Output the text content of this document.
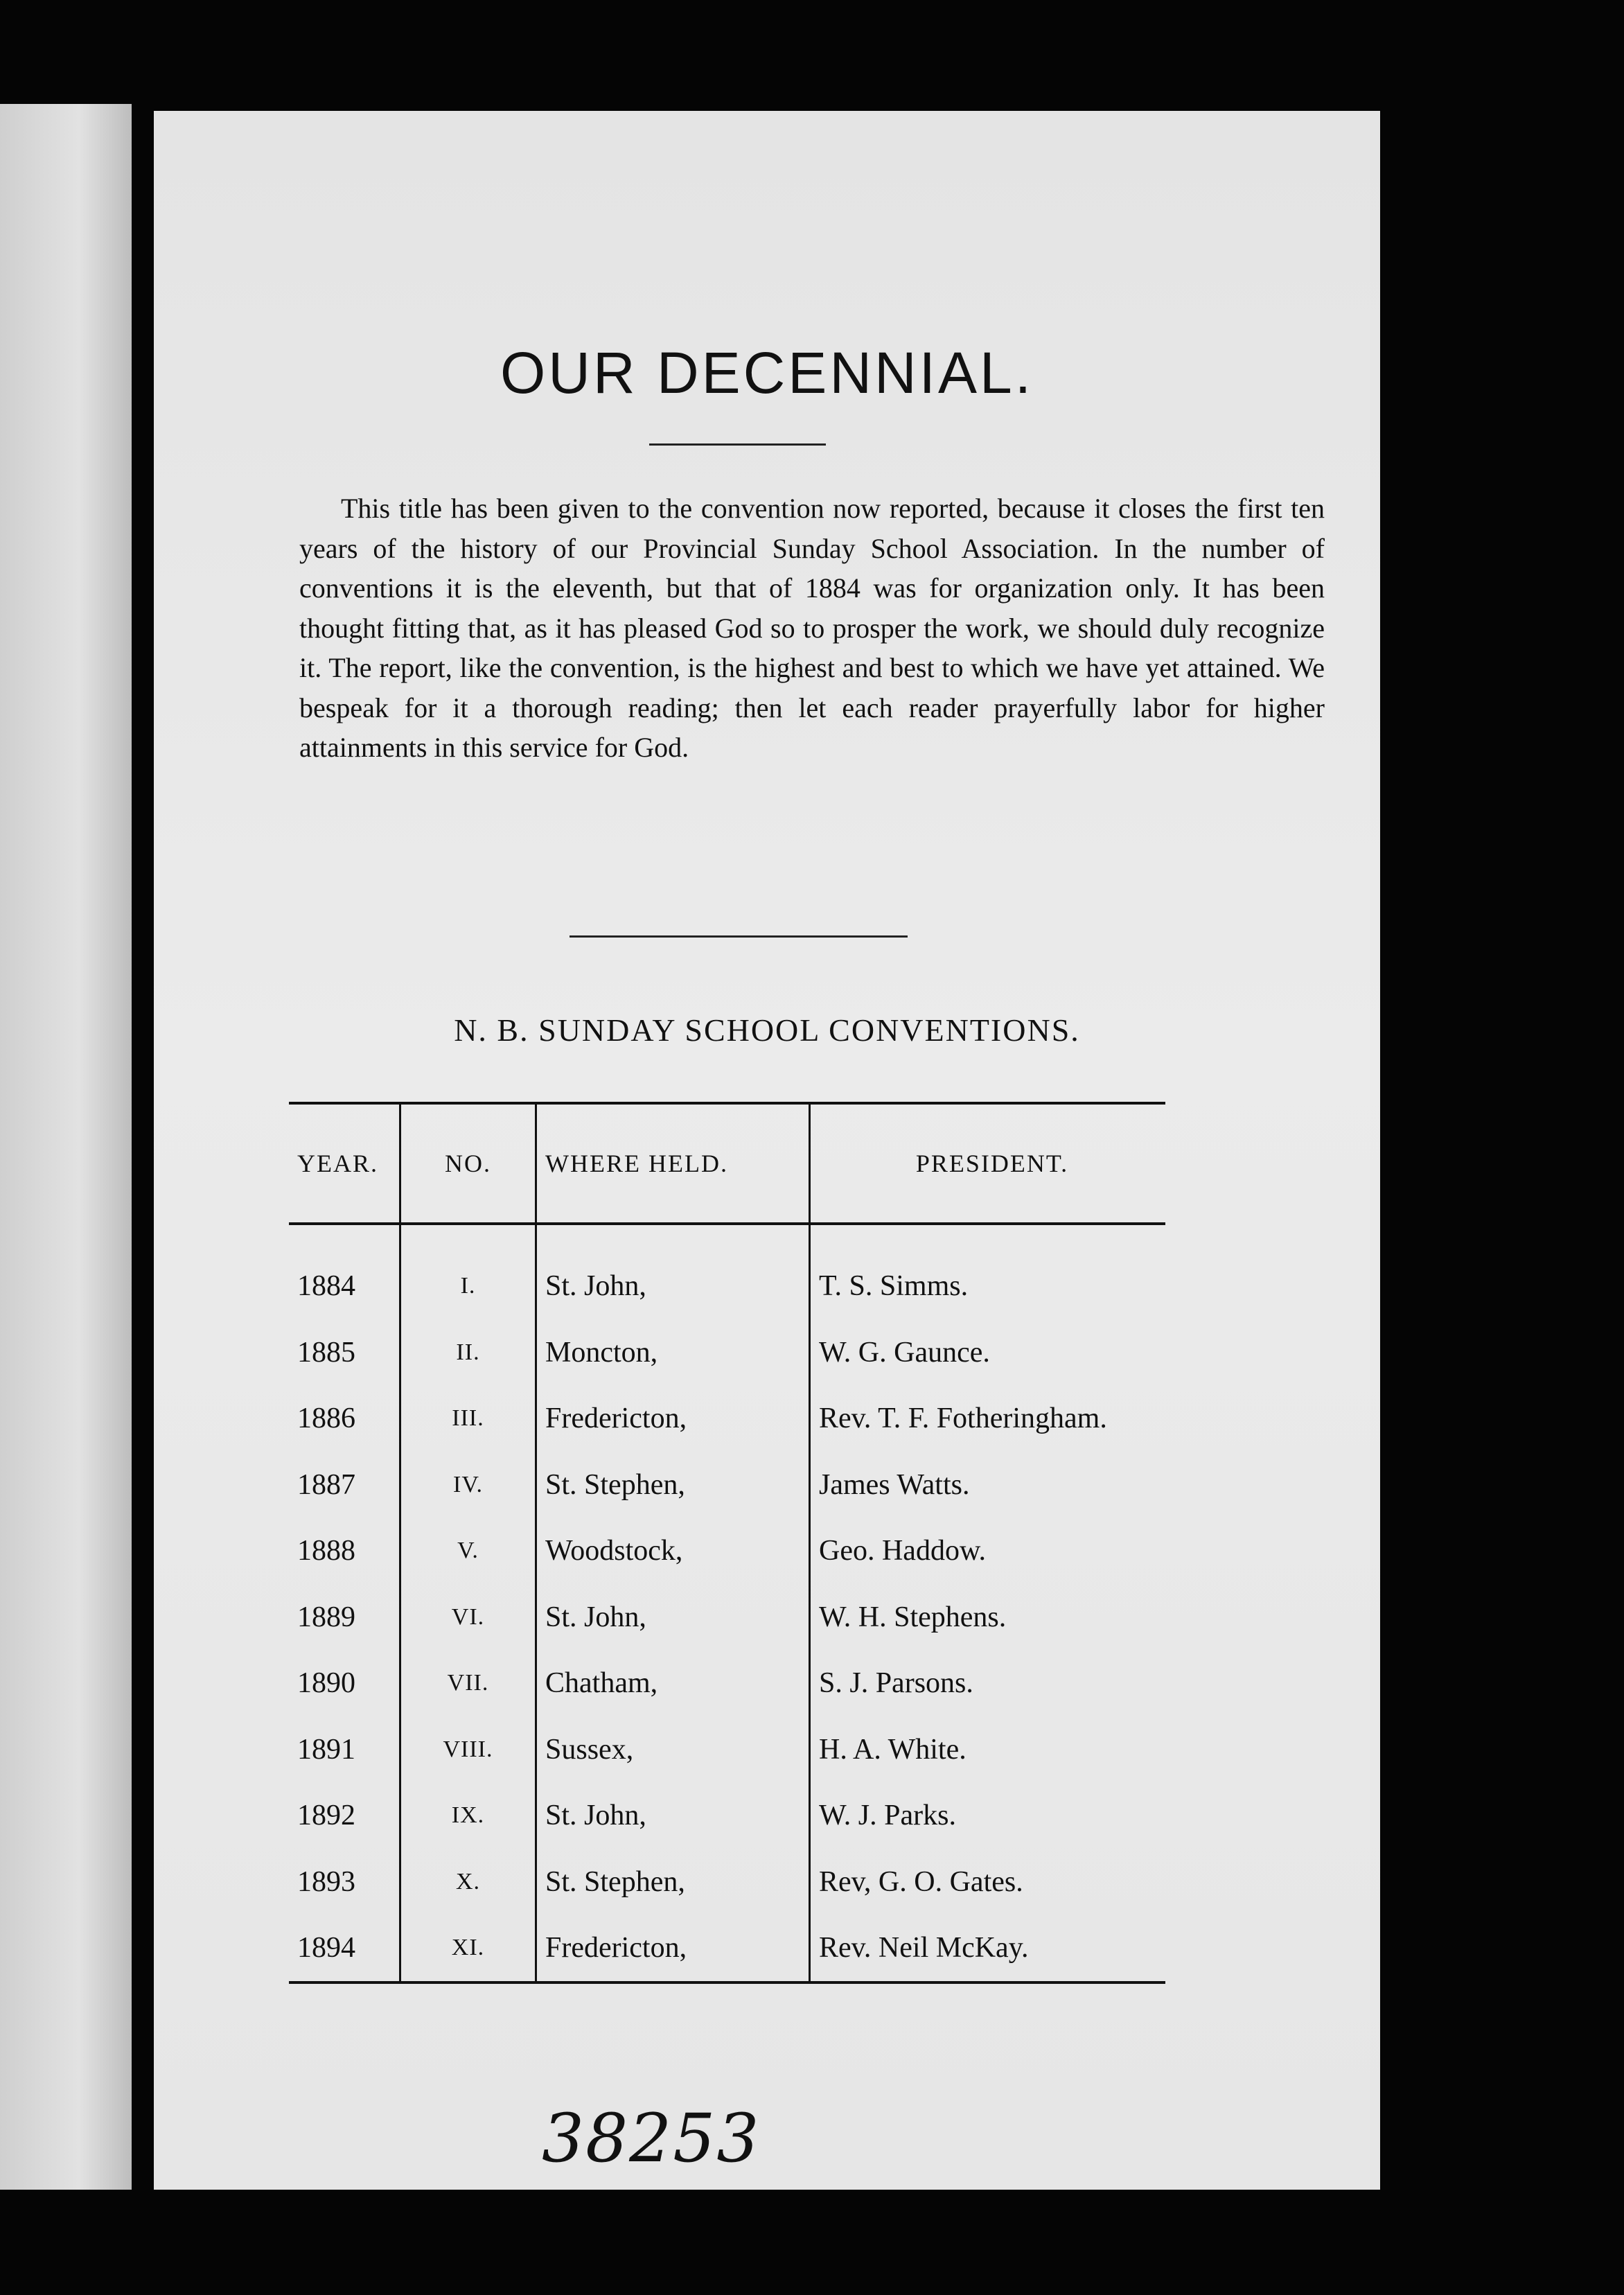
OUR DECENNIAL.
This title has been given to the convention now reported, because it closes the first ten years of the history of our Provincial Sunday School Association. In the number of conventions it is the eleventh, but that of 1884 was for organization only. It has been thought fitting that, as it has pleased God so to prosper the work, we should duly recognize it. The report, like the convention, is the highest and best to which we have yet attained. We bespeak for it a thorough reading; then let each reader prayerfully labor for higher attainments in this service for God.
N. B. SUNDAY SCHOOL CONVENTIONS.
YEAR.	NO.	WHERE HELD.	PRESIDENT.
1884	I.	St. John,	T. S. Simms.
1885	II.	Moncton,	W. G. Gaunce.
1886	III.	Fredericton,	Rev. T. F. Fotheringham.
1887	IV.	St. Stephen,	James Watts.
1888	V.	Woodstock,	Geo. Haddow.
1889	VI.	St. John,	W. H. Stephens.
1890	VII.	Chatham,	S. J. Parsons.
1891	VIII.	Sussex,	H. A. White.
1892	IX.	St. John,	W. J. Parks.
1893	X.	St. Stephen,	Rev, G. O. Gates.
1894	XI.	Fredericton,	Rev. Neil McKay.
38253
